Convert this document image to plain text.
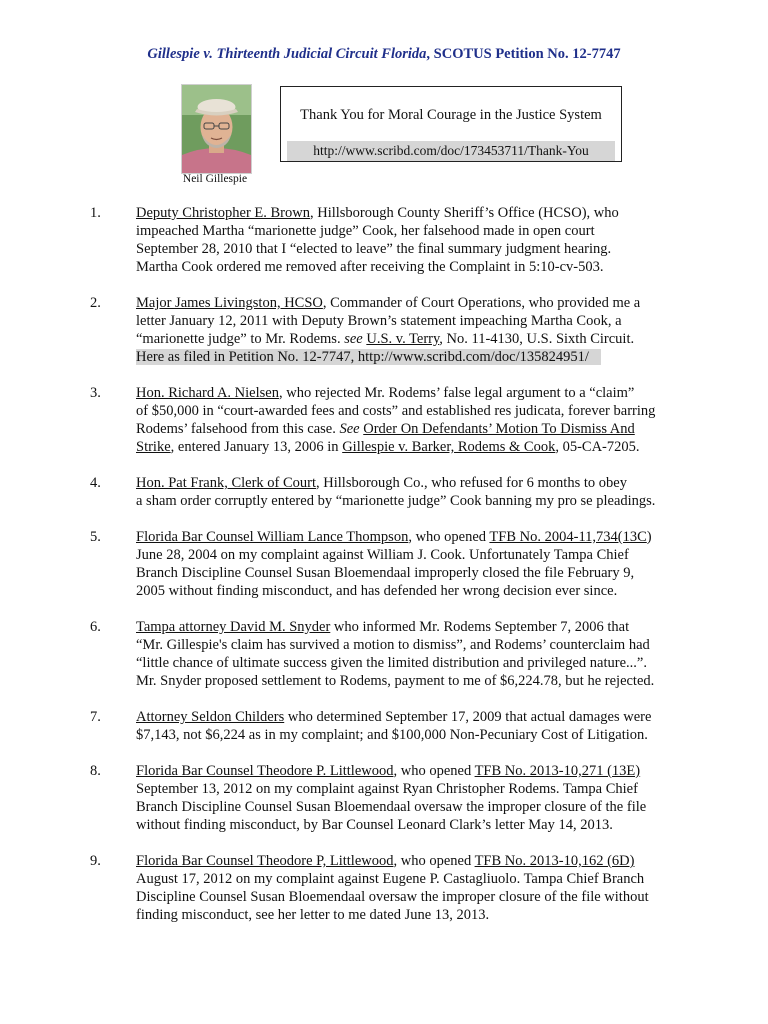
Gillespie v. Thirteenth Judicial Circuit Florida, SCOTUS Petition No. 12-7747
Neil Gillespie
Thank You for Moral Courage in the Justice System
http://www.scribd.com/doc/173453711/Thank-You
1. Deputy Christopher E. Brown, Hillsborough County Sheriff’s Office (HCSO), who
impeached Martha “marionette judge” Cook, her falsehood made in open court
September 28, 2010 that I “elected to leave” the final summary judgment hearing.
Martha Cook ordered me removed after receiving the Complaint in 5:10-cv-503.
2. Major James Livingston, HCSO, Commander of Court Operations, who provided me a
letter January 12, 2011 with Deputy Brown’s statement impeaching Martha Cook, a
“marionette judge” to Mr. Rodems. see U.S. v. Terry, No. 11-4130, U.S. Sixth Circuit.
Here as filed in Petition No. 12-7747, http://www.scribd.com/doc/135824951/
3. Hon. Richard A. Nielsen, who rejected Mr. Rodems’ false legal argument to a “claim”
of $50,000 in “court-awarded fees and costs” and established res judicata, forever barring
Rodems’ falsehood from this case. See Order On Defendants’ Motion To Dismiss And
Strike, entered January 13, 2006 in Gillespie v. Barker, Rodems & Cook, 05-CA-7205.
4. Hon. Pat Frank, Clerk of Court, Hillsborough Co., who refused for 6 months to obey
a sham order corruptly entered by “marionette judge” Cook banning my pro se pleadings.
5. Florida Bar Counsel William Lance Thompson, who opened TFB No. 2004-11,734(13C)
June 28, 2004 on my complaint against William J. Cook. Unfortunately Tampa Chief
Branch Discipline Counsel Susan Bloemendaal improperly closed the file February 9,
2005 without finding misconduct, and has defended her wrong decision ever since.
6. Tampa attorney David M. Snyder who informed Mr. Rodems September 7, 2006 that
“Mr. Gillespie's claim has survived a motion to dismiss”, and Rodems’ counterclaim had
“little chance of ultimate success given the limited distribution and privileged nature...”.
Mr. Snyder proposed settlement to Rodems, payment to me of $6,224.78, but he rejected.
7. Attorney Seldon Childers who determined September 17, 2009 that actual damages were
$7,143, not $6,224 as in my complaint; and $100,000 Non-Pecuniary Cost of Litigation.
8. Florida Bar Counsel Theodore P. Littlewood, who opened TFB No. 2013-10,271 (13E)
September 13, 2012 on my complaint against Ryan Christopher Rodems. Tampa Chief
Branch Discipline Counsel Susan Bloemendaal oversaw the improper closure of the file
without finding misconduct, by Bar Counsel Leonard Clark’s letter May 14, 2013.
9. Florida Bar Counsel Theodore P, Littlewood, who opened TFB No. 2013-10,162 (6D)
August 17, 2012 on my complaint against Eugene P. Castagliuolo. Tampa Chief Branch
Discipline Counsel Susan Bloemendaal oversaw the improper closure of the file without
finding misconduct, see her letter to me dated June 13, 2013.
